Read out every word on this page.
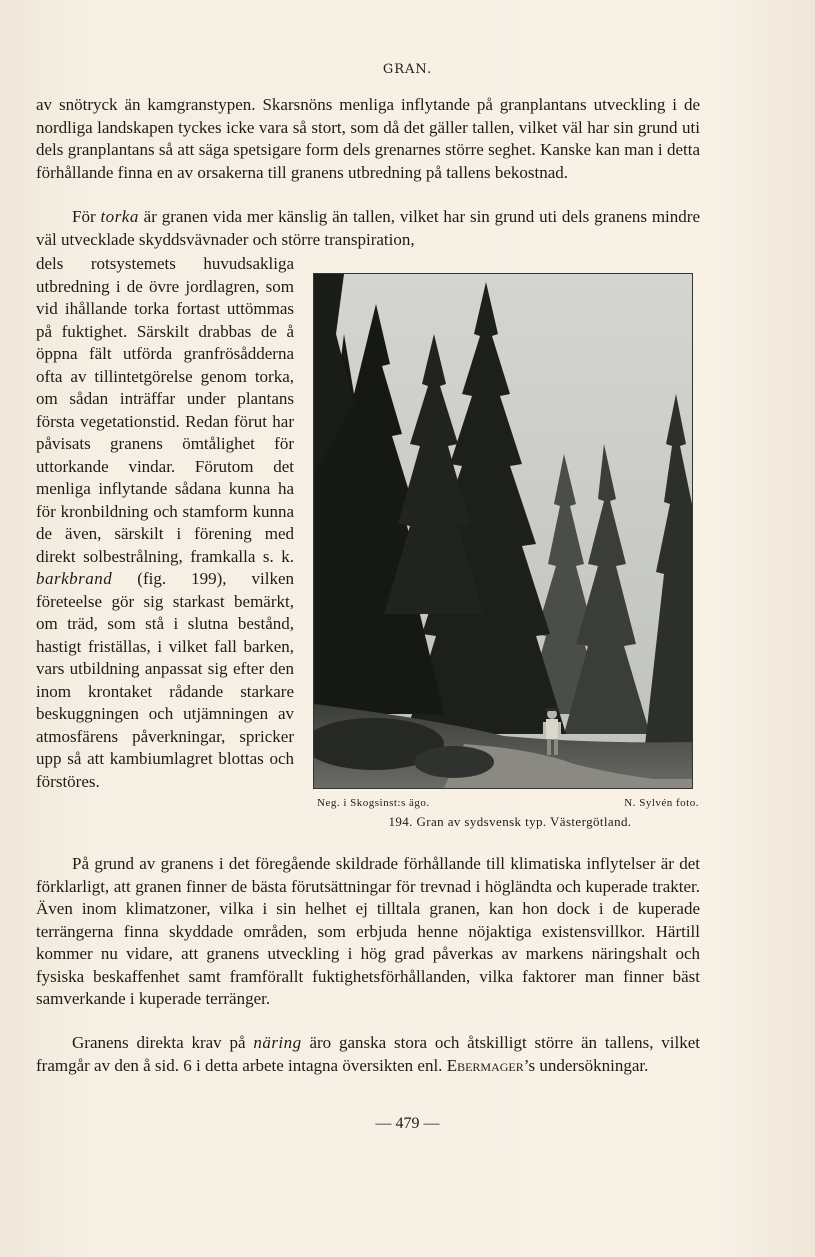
GRAN.
av snötryck än kamgranstypen. Skarsnöns menliga inflytande på granplantans utveckling i de nordliga landskapen tyckes icke vara så stort, som då det gäller tallen, vilket väl har sin grund uti dels granplantans så att säga spetsigare form dels grenarnes större seghet. Kanske kan man i detta förhållande finna en av orsakerna till granens utbredning på tallens bekostnad.
För torka är granen vida mer känslig än tallen, vilket har sin grund uti dels granens mindre väl utvecklade skyddsvävnader och större transpiration,
dels rotsystemets huvudsakliga utbredning i de övre jordlagren, som vid ihållande torka fortast uttömmas på fuktighet. Särskilt drabbas de å öppna fält utförda granfrösådderna ofta av tillintetgörelse genom torka, om sådan inträffar under plantans första vegetationstid. Redan förut har påvisats granens ömtålighet för uttorkande vindar. Förutom det menliga inflytande sådana kunna ha för kronbildning och stamform kunna de även, särskilt i förening med direkt solbestrålning, framkalla s. k. barkbrand (fig. 199), vilken företeelse gör sig starkast bemärkt, om träd, som stå i slutna bestånd, hastigt friställas, i vilket fall barken, vars utbildning anpassat sig efter den inom krontaket rådande starkare beskuggningen och utjämningen av atmosfärens påverkningar, spricker upp så att kambiumlagret blottas och förstöres.
Neg. i Skogsinst:s ägo.	N. Sylvén foto.
194. Gran av sydsvensk typ. Västergötland.
På grund av granens i det föregående skildrade förhållande till klimatiska inflytelser är det förklarligt, att granen finner de bästa förutsättningar för trevnad i högländta och kuperade trakter. Även inom klimatzoner, vilka i sin helhet ej tilltala granen, kan hon dock i de kuperade terrängerna finna skyddade områden, som erbjuda henne nöjaktiga existensvillkor. Härtill kommer nu vidare, att granens utveckling i hög grad påverkas av markens näringshalt och fysiska beskaffenhet samt framförallt fuktighetsförhållanden, vilka faktorer man finner bäst samverkande i kuperade terränger.
Granens direkta krav på näring äro ganska stora och åtskilligt större än tallens, vilket framgår av den å sid. 6 i detta arbete intagna översikten enl. Ebermager’s undersökningar.
— 479 —
